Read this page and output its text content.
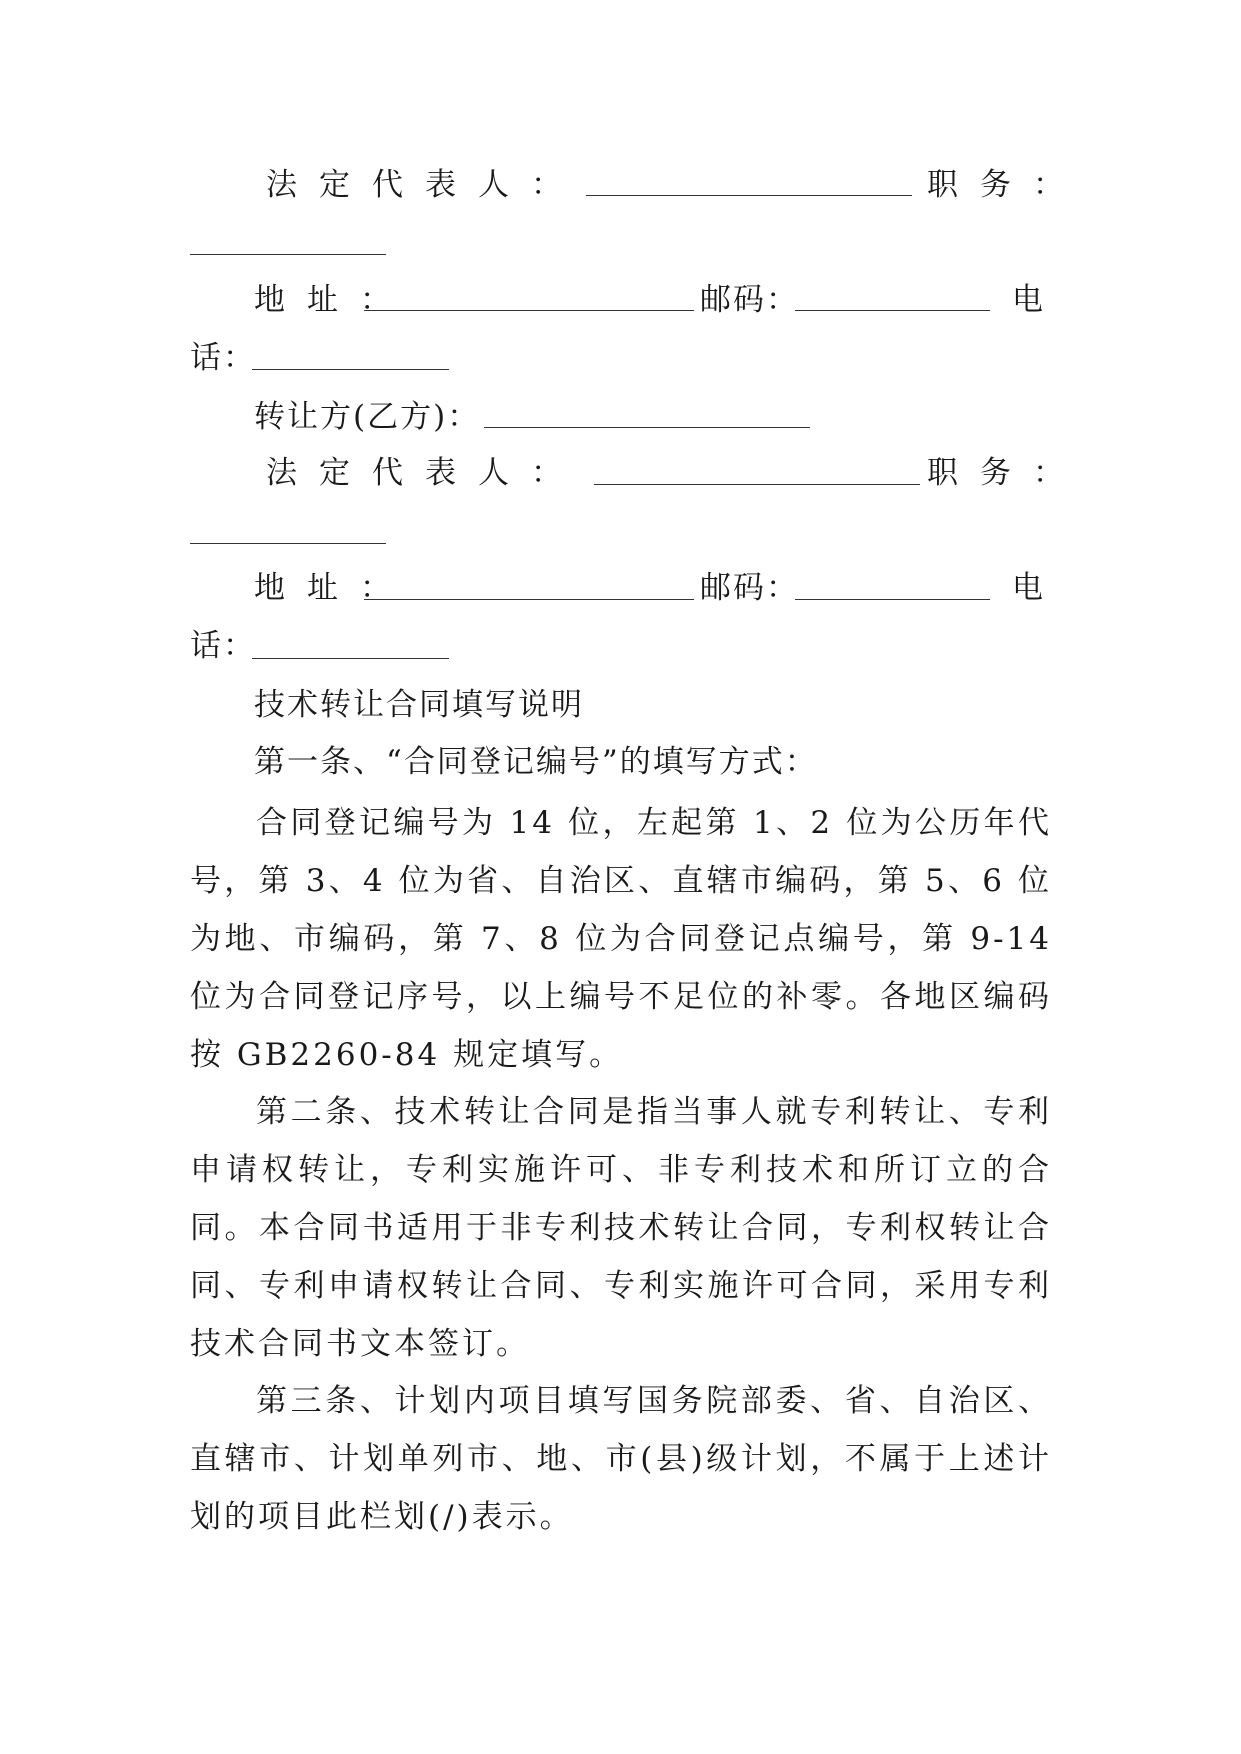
法定代表人：	职务：
地址：	邮码：	电
话：
转让方(乙方)：
法定代表人：	职务：
地址：	邮码：	电
话：
技术转让合同填写说明
第一条、“合同登记编号”的填写方式：
合同登记编号为 14 位，左起第 1、2 位为公历年代号，第 3、4 位为省、自治区、直辖市编码，第 5、6 位为地、市编码，第 7、8 位为合同登记点编号，第 9-14 位为合同登记序号，以上编号不足位的补零。各地区编码按 GB2260-84 规定填写。
第二条、技术转让合同是指当事人就专利转让、专利申请权转让，专利实施许可、非专利技术和所订立的合同。本合同书适用于非专利技术转让合同，专利权转让合同、专利申请权转让合同、专利实施许可合同，采用专利技术合同书文本签订。
第三条、计划内项目填写国务院部委、省、自治区、直辖市、计划单列市、地、市(县)级计划，不属于上述计划的项目此栏划(/)表示。
